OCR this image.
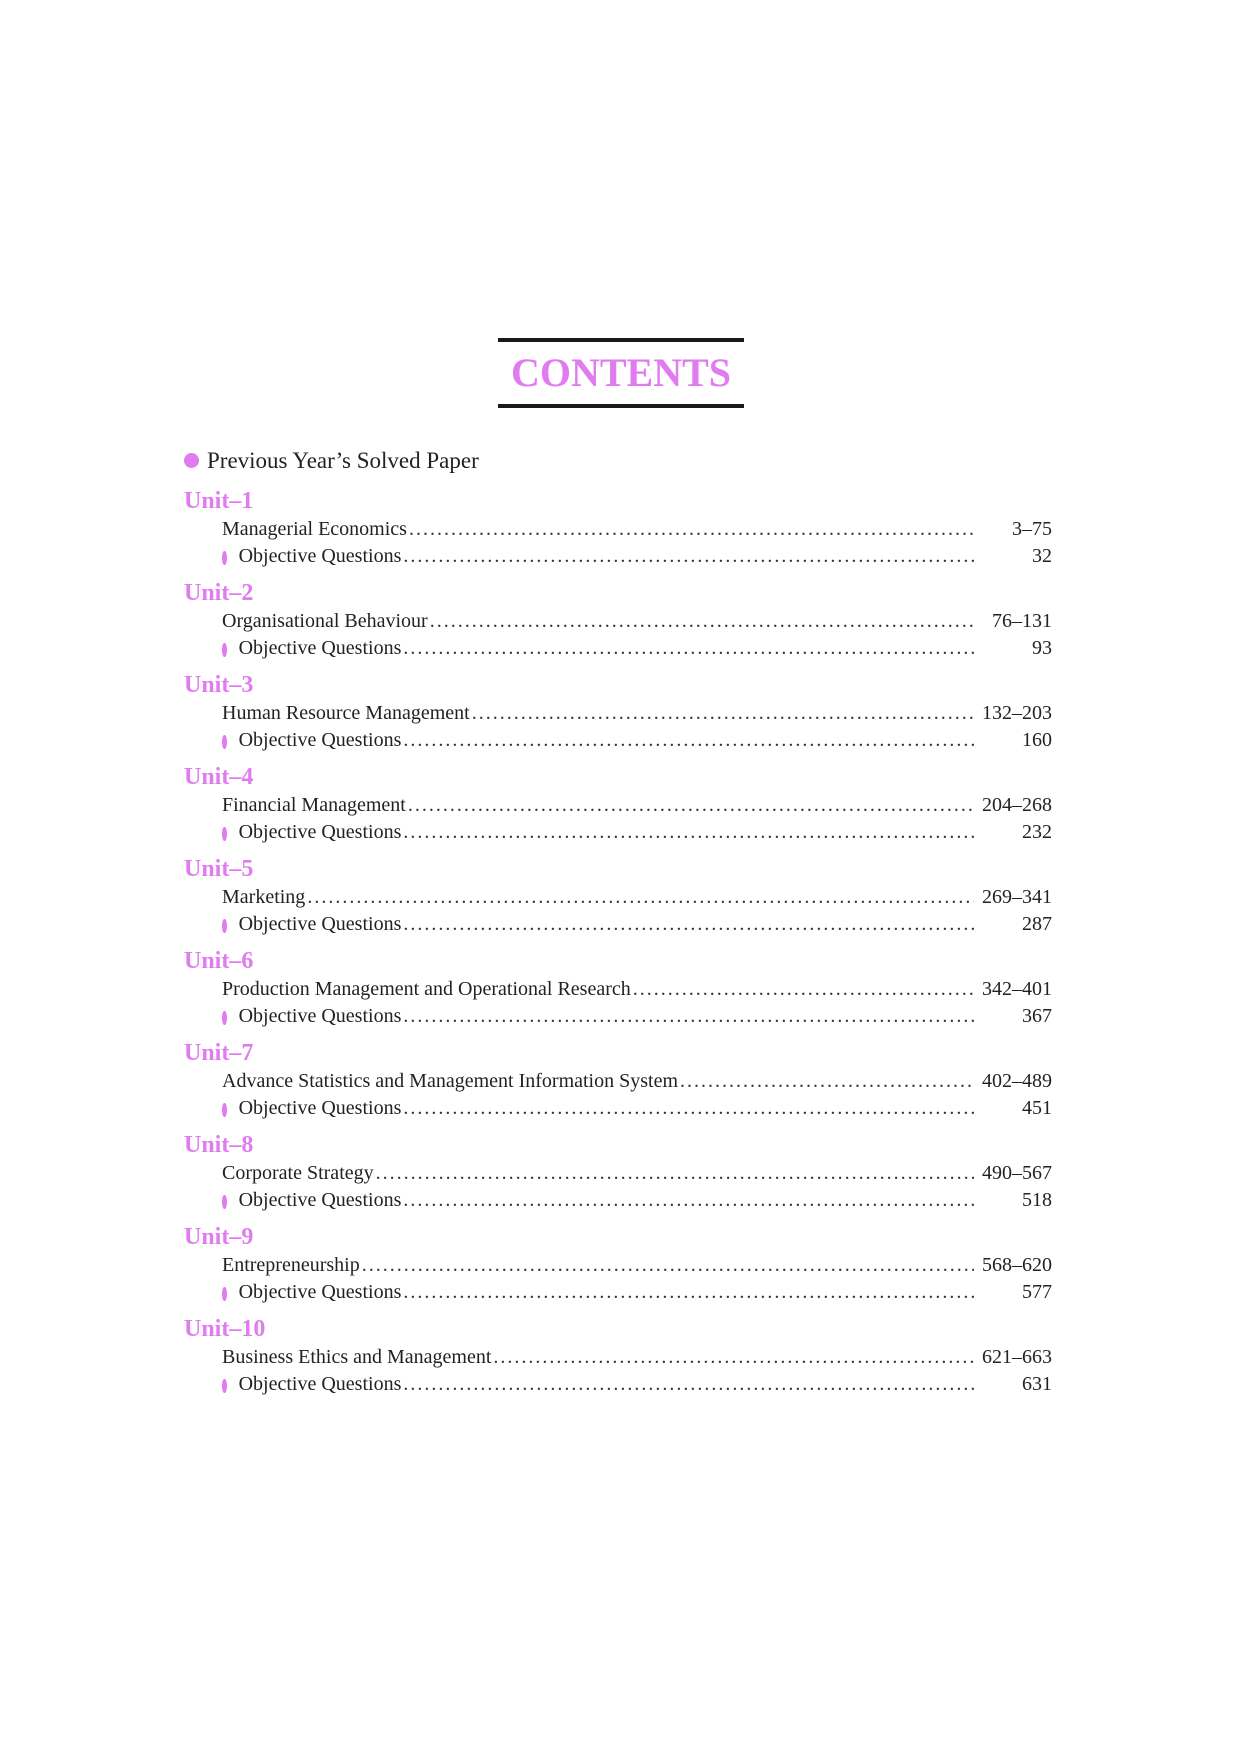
CONTENTS
Previous Year’s Solved Paper
Unit–1
Managerial Economics .....	3–75
Objective Questions .....	32
Unit–2
Organisational Behaviour .....	76–131
Objective Questions .....	93
Unit–3
Human Resource Management .....	132–203
Objective Questions .....	160
Unit–4
Financial Management .....	204–268
Objective Questions .....	232
Unit–5
Marketing .....	269–341
Objective Questions .....	287
Unit–6
Production Management and Operational Research .....	342–401
Objective Questions .....	367
Unit–7
Advance Statistics and Management Information System .....	402–489
Objective Questions .....	451
Unit–8
Corporate Strategy .....	490–567
Objective Questions .....	518
Unit–9
Entrepreneurship .....	568–620
Objective Questions .....	577
Unit–10
Business Ethics and Management .....	621–663
Objective Questions .....	631
